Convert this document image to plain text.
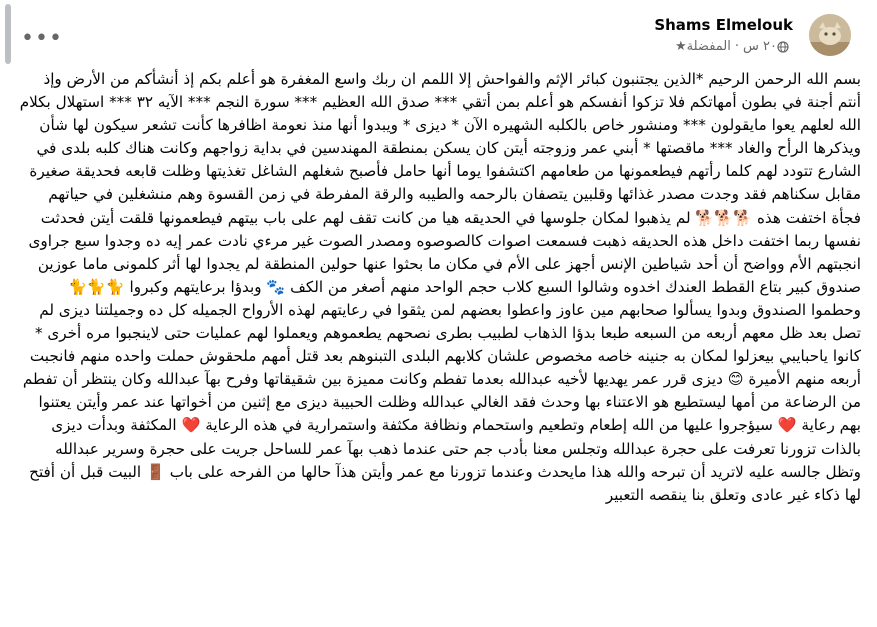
•••
Shams Elmelouk
★ المفضلة · ٢٠ س

بسم الله الرحمن الرحيم *الذين يجتنبون كبائر الإثم والفواحش إلا اللمم ان ربك واسع المغفرة هو أعلم بكم إذ أنشأكم من الأرض وإذ أنتم أجنة في بطون أمهاتكم فلا تزكوا أنفسكم هو أعلم بمن أتقي *** صدق الله العظيم *** سورة النجم *** الآيه ٣٢ *** استهلال بكلام الله لعلهم يعوا مايقولون *** ومنشور خاص بالكلبه الشهيره الآن * ديزى * ويبدوا أنها منذ نعومة اظافرها كأنت تشعر سيكون لها شأن ويذكرها الرأح والغاد *** ماقصتها * أبني عمر وزوجته أيتن كان يسكن بمنطقة المهندسين في بداية زواجهم وكانت هناك كلبه بلدى في الشارع تتودد لهم كلما رأتهم فيطعمونها من طعامهم اكتشفوا يوما أنها حامل فأصبح شغلهم الشاغل تغذيتها وظلت قابعه فحديقة صغيرة مقابل سكناهم فقد وجدت مصدر غذائها وقلبين يتصفان بالرحمه والطيبه والرقة المفرطة في زمن القسوة وهم منشغلين في حياتهم فجأة اختفت هذه 🐕🐕🐕 لم يذهبوا لمكان جلوسها في الحديقه هيا من كانت تقف لهم على باب بيتهم فيطعمونها قلقت أيتن فحدثت نفسها ربما اختفت داخل هذه الحديقه ذهبت فسمعت اصوات كالصوصوه ومصدر الصوت غير مرءي نادت عمر إيه ده وجدوا سبع جراوى انجبتهم الأم وواضح أن أحد شياطين الإنس أجهز على الأم في مكان ما بحثوا عنها حولين المنطقة لم يجدوا لها أثر كلمونى ماما عوزين صندوق كبير بتاع القطط العندك اخدوه وشالوا السبع كلاب حجم الواحد منهم أصغر من الكف 🐾 وبدؤا برعايتهم وكبروا 🐈🐈🐈 وحطموا الصندوق وبدوا يسألوا صحابهم مين عاوز واعطوا بعضهم لمن يثقوا في رعايتهم لهذه الأرواح الجميله كل ده وجميلتنا ديزى لم تصل بعد ظل معهم أربعه من السبعه طبعا بدؤا الذهاب لطبيب بطرى نصحهم يطعموهم ويعملوا لهم عمليات حتى لاينجبوا مره أخرى * كانوا ياحبايبي بيعزلوا لمكان به جنينه خاصه مخصوص علشان كلابهم البلدى التبنوهم بعد قتل أمهم ملحقوش حملت واحده منهم فانجبت أربعه منهم الأميرة 😊 ديزى قرر عمر يهديها لأخيه عبدالله بعدما تفطم وكانت مميزة بين شقيقاتها وفرح بهآ عبدالله وكان ينتظر أن تفطم من الرضاعة من أمها ليستطيع هو الاعتناء بها وحدث فقد الغالي عبدالله وظلت الحبيبة ديزى مع إثنين من أخواتها عند عمر وأيتن يعتنوا بهم رعاية ❤️ سيؤجروا عليها من الله إطعام وتطعيم واستحمام ونظافة مكثفة واستمرارية في هذه الرعاية ❤️ المكثفة وبدأت ديزى بالذات تزورنا تعرفت على حجرة عبدالله وتجلس معنا بأدب جم حتى عندما ذهب بهآ عمر للساحل جريت على حجرة وسرير عبدالله وتظل جالسه عليه لاتريد أن تبرحه والله هذا مايحدث وعندما تزورنا مع عمر وأيتن هذآ حالها من الفرحه على باب 🚪 البيت قبل أن أفتح لها ذكاء غير عادى وتعلق بنا ينقصه التعبير
